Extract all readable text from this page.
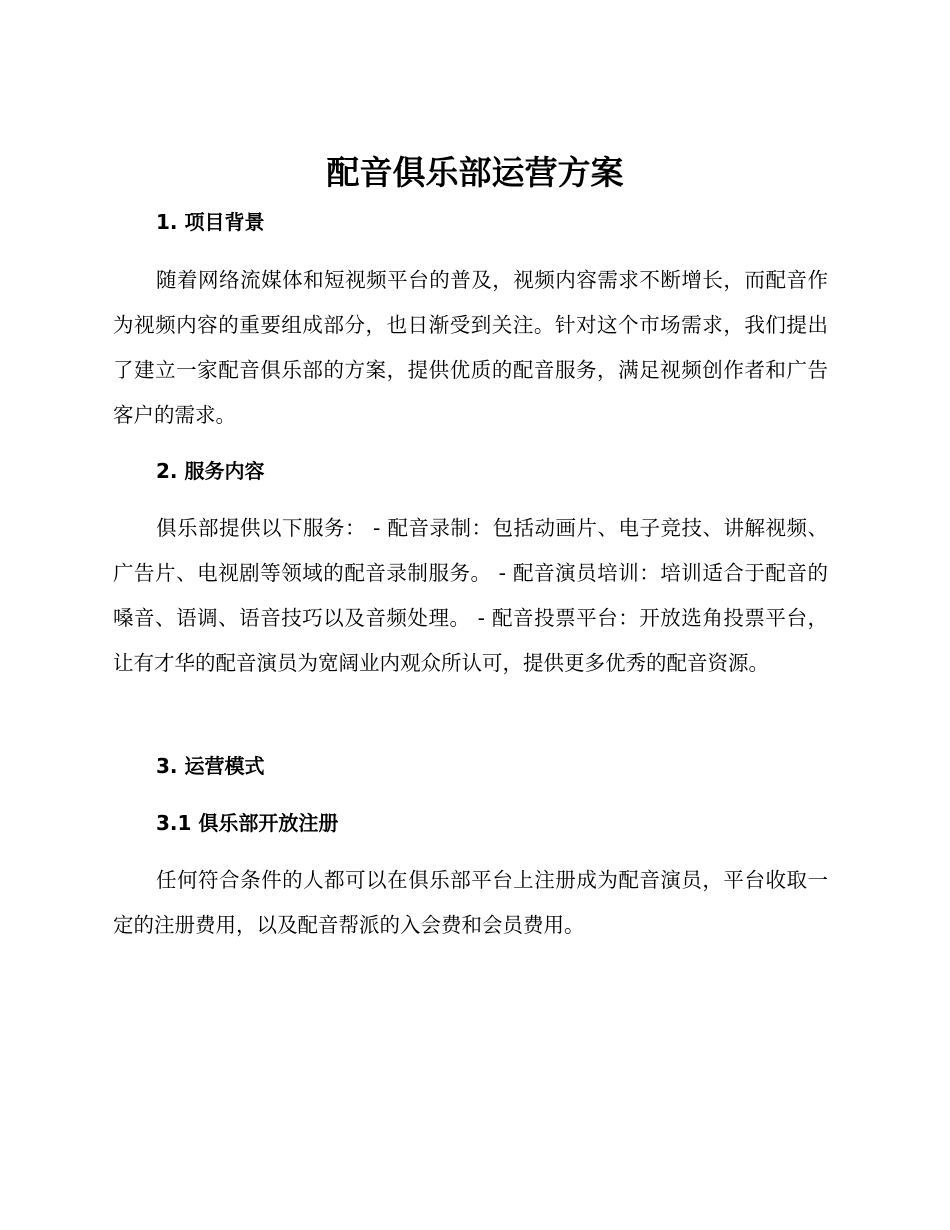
配音俱乐部运营方案
1. 项目背景
随着网络流媒体和短视频平台的普及，视频内容需求不断增长，而配音作为视频内容的重要组成部分，也日渐受到关注。针对这个市场需求，我们提出了建立一家配音俱乐部的方案，提供优质的配音服务，满足视频创作者和广告客户的需求。
2. 服务内容
俱乐部提供以下服务： - 配音录制：包括动画片、电子竞技、讲解视频、广告片、电视剧等领域的配音录制服务。 - 配音演员培训：培训适合于配音的嗓音、语调、语音技巧以及音频处理。 - 配音投票平台：开放选角投票平台，让有才华的配音演员为宽阔业内观众所认可，提供更多优秀的配音资源。
3. 运营模式
3.1 俱乐部开放注册
任何符合条件的人都可以在俱乐部平台上注册成为配音演员，平台收取一定的注册费用，以及配音帮派的入会费和会员费用。
